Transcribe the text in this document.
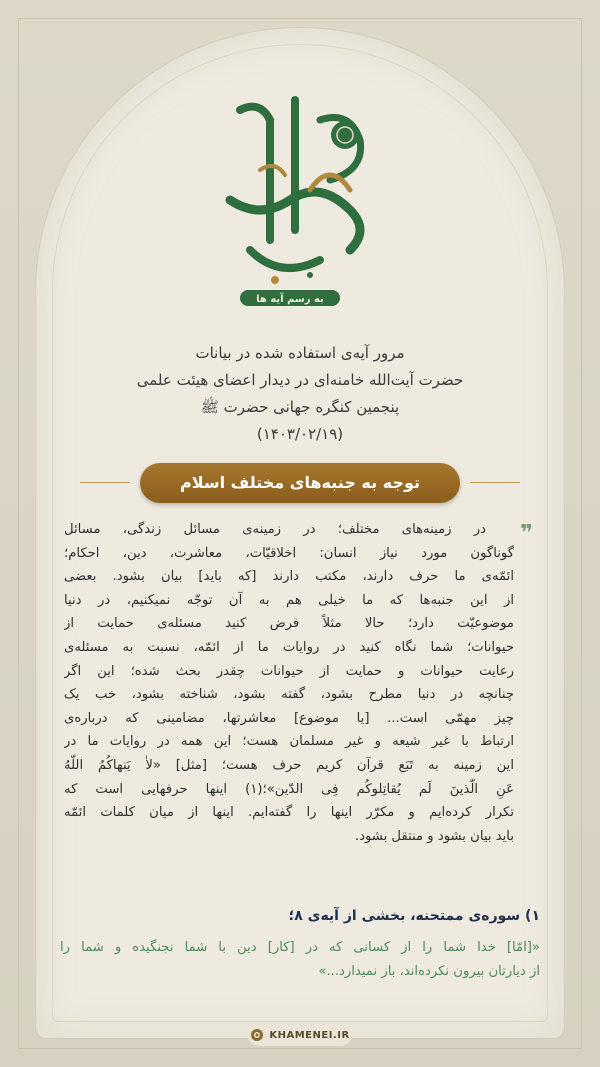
به رسم آیه ها
مرور آیه‌ی استفاده شده در بیانات
حضرت آیت‌الله خامنه‌ای در دیدار اعضای هیئت علمی
پنجمین کنگره جهانی حضرت ﷺ
(۱۴۰۳/۰۲/۱۹)
توجه به جنبه‌های مختلف اسلام
❞
در زمینه‌های مختلف؛ در زمینه‌ی مسائل زندگی، مسائل
گوناگون مورد نیاز انسان: اخلاقیّات، معاشرت، دین، احکام؛
ائمّه‌ی ما حرف دارند، مکتب دارند [که باید] بیان بشود. بعضی
از این جنبه‌ها که ما خیلی هم به آن توجّه نمیکنیم، در دنیا
موضوعیّت دارد؛ حالا مثلاً فرض کنید مسئله‌ی حمایت از
حیوانات؛ شما نگاه کنید در روایات ما از ائمّه، نسبت به مسئله‌ی
رعایت حیوانات و حمایت از حیوانات چقدر بحث شده؛ این اگر
چنانچه در دنیا مطرح بشود، گفته بشود، شناخته بشود، خب یک
چیز مهمّی است... [یا موضوع] معاشرتها، مضامینی که درباره‌ی
ارتباط با غیر شیعه و غیر مسلمان هست؛ این همه در روایات ما در
این زمینه به تَبَع قرآن کریم حرف هست؛ [مثل] «لاٰ یَنهاکُمُ اللّهُ
عَنِ الَّذینَ لَم یُقاتِلوکُم فِی الدّین»؛(۱) اینها حرفهایی است که
تکرار کرده‌ایم و مکرّر اینها را گفته‌ایم. اینها از میان کلمات ائمّه
باید بیان بشود و منتقل بشود.
۱) سوره‌ی ممتحنه، بخشی از آیه‌ی ۸؛
«[امّا] خدا شما را از کسانی که در [کار] دین با شما نجنگیده و شما را
از دیارتان بیرون نکرده‌اند، باز نمیدارد...»
KHAMENEI.IR
